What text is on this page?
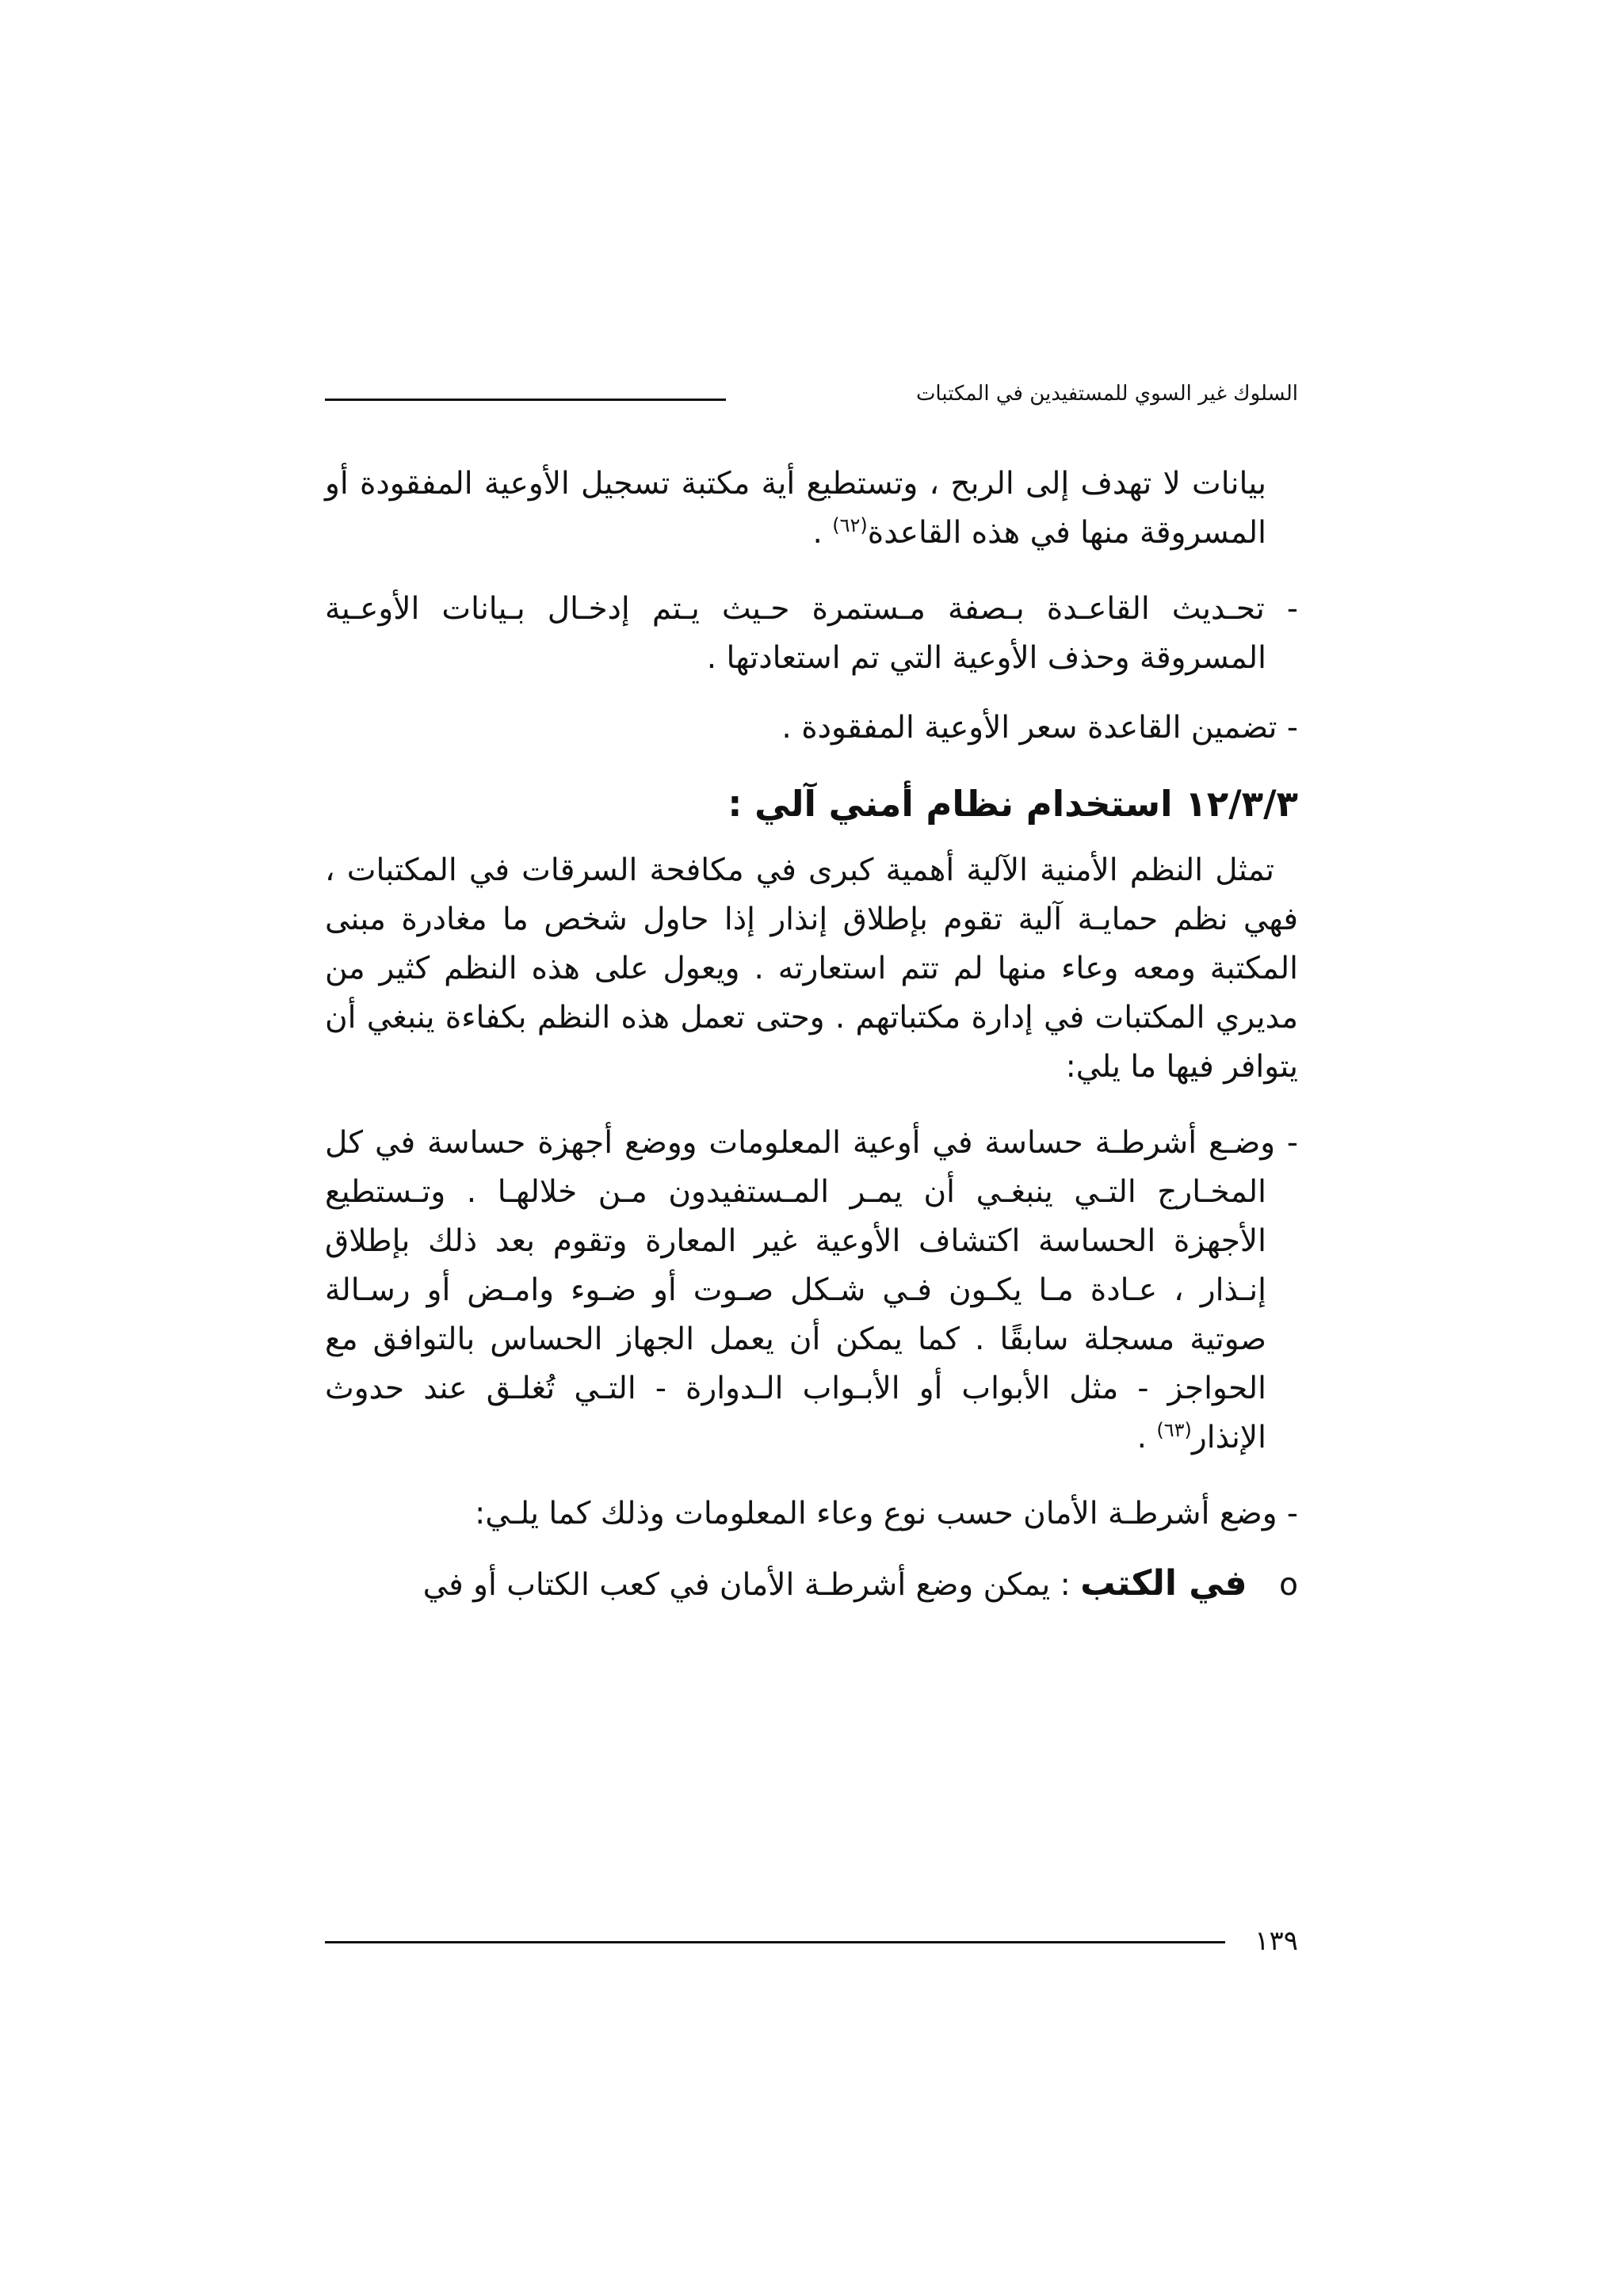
السلوك غير السوي للمستفيدين في المكتبات

بيانات لا تهدف إلى الربح ، وتستطيع أية مكتبة تسجيل الأوعية المفقودة أو المسروقة منها في هذه القاعدة$^{(٦٢)}$ .

- تحـديث القاعـدة بـصفة مـستمرة حـيث يـتم إدخـال بـيانات الأوعـية المسروقة وحذف الأوعية التي تم استعادتها .

- تضمين القاعدة سعر الأوعية المفقودة .

١٢/٣/٣ استخدام نظام أمني آلي :

تمثل النظم الأمنية الآلية أهمية كبرى في مكافحة السرقات في المكتبات ، فهي نظم حمايـة آلية تقوم بإطلاق إنذار إذا حاول شخص ما مغادرة مبنى المكتبة ومعه وعاء منها لم تتم استعارته . ويعول على هذه النظم كثير من مديري المكتبات في إدارة مكتباتهم . وحتى تعمل هذه النظم بكفاءة ينبغي أن يتوافر فيها ما يلي:

- وضـع أشرطـة حساسة في أوعية المعلومات ووضع أجهزة حساسة في كل المخـارج التـي ينبغـي أن يمـر المـستفيدون مـن خلالهـا . وتـستطيع الأجهزة الحساسة اكتشاف الأوعية غير المعارة وتقوم بعد ذلك بإطلاق إنـذار ، عـادة مـا يكـون فـي شـكل صـوت أو ضـوء وامـض أو رسـالة صوتية مسجلة سابقًا . كما يمكن أن يعمل الجهاز الحساس بالتوافق مع الحواجز - مثل الأبواب أو الأبـواب الـدوارة - التـي تُغلـق عند حدوث الإنذار$^{(٦٣)}$ .

- وضع أشرطـة الأمان حسب نوع وعاء المعلومات وذلك كما يلـي:

o في الكتب : يمكن وضع أشرطـة الأمان في كعب الكتاب أو في

١٣٩
